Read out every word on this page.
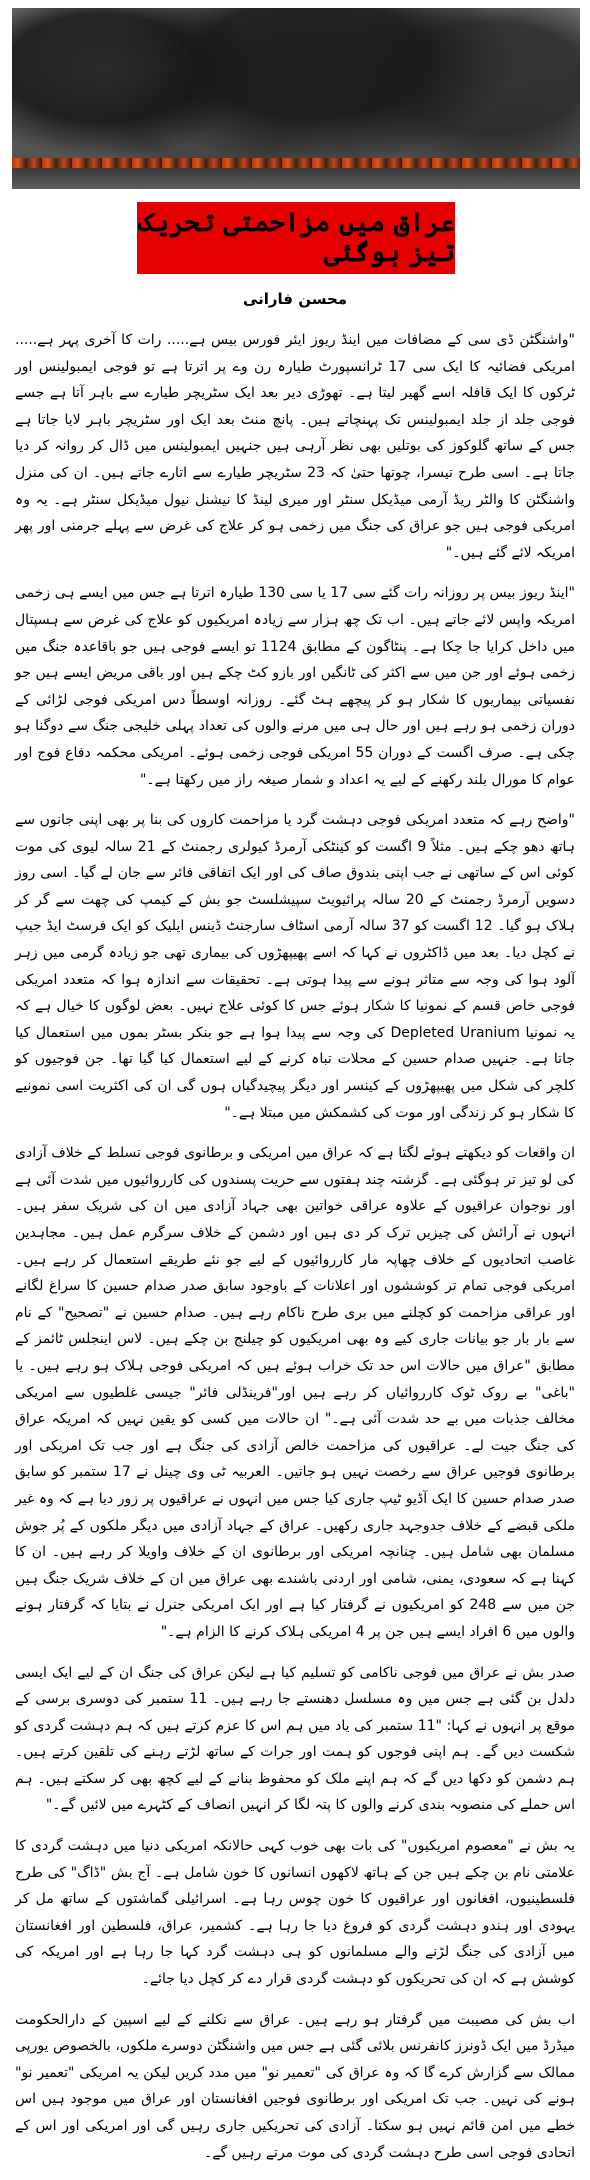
عراق میں مزاحمتی تحریک تیز ہوگئی
محسن فارانی

"واشنگٹن ڈی سی کے مضافات میں اینڈ ریوز ایئر فورس بیس ہے..... رات کا آخری پہر ہے..... امریکی فضائیہ کا ایک سی 17 ٹرانسپورٹ طیارہ رن وے پر اترتا ہے تو فوجی ایمبولینس اور ٹرکوں کا ایک قافلہ اسے گھیر لیتا ہے۔ تھوڑی دیر بعد ایک سٹریچر طیارے سے باہر آتا ہے جسے فوجی جلد از جلد ایمبولینس تک پہنچاتے ہیں۔ پانچ منٹ بعد ایک اور سٹریچر باہر لایا جاتا ہے جس کے ساتھ گلوکوز کی بوتلیں بھی نظر آرہی ہیں جنہیں ایمبولینس میں ڈال کر روانہ کر دیا جاتا ہے۔ اسی طرح تیسرا، چوتھا حتیٰ کہ 23 سٹریچر طیارے سے اتارے جاتے ہیں۔ ان کی منزل واشنگٹن کا والٹر ریڈ آرمی میڈیکل سنٹر اور میری لینڈ کا نیشنل نیول میڈیکل سنٹر ہے۔ یہ وہ امریکی فوجی ہیں جو عراق کی جنگ میں زخمی ہو کر علاج کی غرض سے پہلے جرمنی اور پھر امریکہ لائے گئے ہیں۔"

"اینڈ ریوز بیس پر روزانہ رات گئے سی 17 یا سی 130 طیارہ اترتا ہے جس میں ایسے ہی زخمی امریکہ واپس لائے جاتے ہیں۔ اب تک چھ ہزار سے زیادہ امریکیوں کو علاج کی غرض سے ہسپتال میں داخل کرایا جا چکا ہے۔ پنٹاگون کے مطابق 1124 تو ایسے فوجی ہیں جو باقاعدہ جنگ میں زخمی ہوئے اور جن میں سے اکثر کی ٹانگیں اور بازو کٹ چکے ہیں اور باقی مریض ایسے ہیں جو نفسیاتی بیماریوں کا شکار ہو کر پیچھے ہٹ گئے۔ روزانہ اوسطاً دس امریکی فوجی لڑائی کے دوران زخمی ہو رہے ہیں اور حال ہی میں مرنے والوں کی تعداد پہلی خلیجی جنگ سے دوگنا ہو چکی ہے۔ صرف اگست کے دوران 55 امریکی فوجی زخمی ہوئے۔ امریکی محکمہ دفاع فوج اور عوام کا مورال بلند رکھنے کے لیے یہ اعداد و شمار صیغہ راز میں رکھتا ہے۔"

"واضح رہے کہ متعدد امریکی فوجی دہشت گرد یا مزاحمت کاروں کی بنا پر بھی اپنی جانوں سے ہاتھ دھو چکے ہیں۔ مثلاً 9 اگست کو کینٹکی آرمرڈ کیولری رجمنٹ کے 21 سالہ لیوی کی موت کوئی اس کے ساتھی نے جب اپنی بندوق صاف کی اور ایک اتفاقی فائر سے جان لے گیا۔ اسی روز دسویں آرمرڈ رجمنٹ کے 20 سالہ پرائیویٹ سپیشلسٹ جو بش کے کیمپ کی چھت سے گر کر ہلاک ہو گیا۔ 12 اگست کو 37 سالہ آرمی اسٹاف سارجنٹ ڈینس ایلیک کو ایک فرسٹ ایڈ جیپ نے کچل دیا۔ بعد میں ڈاکٹروں نے کہا کہ اسے پھیپھڑوں کی بیماری تھی جو زیادہ گرمی میں زہر آلود ہوا کی وجہ سے متاثر ہونے سے پیدا ہوتی ہے۔ تحقیقات سے اندازہ ہوا کہ متعدد امریکی فوجی خاص قسم کے نمونیا کا شکار ہوئے جس کا کوئی علاج نہیں۔ بعض لوگوں کا خیال ہے کہ یہ نمونیا Depleted Uranium کی وجہ سے پیدا ہوا ہے جو بنکر بسٹر بموں میں استعمال کیا جاتا ہے۔ جنہیں صدام حسین کے محلات تباہ کرنے کے لیے استعمال کیا گیا تھا۔ جن فوجیوں کو کلچر کی شکل میں پھیپھڑوں کے کینسر اور دیگر پیچیدگیاں ہوں گی ان کی اکثریت اسی نمونیے کا شکار ہو کر زندگی اور موت کی کشمکش میں مبتلا ہے۔"

ان واقعات کو دیکھتے ہوئے لگتا ہے کہ عراق میں امریکی و برطانوی فوجی تسلط کے خلاف آزادی کی لو تیز تر ہوگئی ہے۔ گزشتہ چند ہفتوں سے حریت پسندوں کی کارروائیوں میں شدت آئی ہے اور نوجوان عراقیوں کے علاوہ عراقی خواتین بھی جہاد آزادی میں ان کی شریک سفر ہیں۔ انہوں نے آرائش کی چیزیں ترک کر دی ہیں اور دشمن کے خلاف سرگرم عمل ہیں۔ مجاہدین غاصب اتحادیوں کے خلاف چھاپہ مار کارروائیوں کے لیے جو نئے طریقے استعمال کر رہے ہیں۔ امریکی فوجی تمام تر کوششوں اور اعلانات کے باوجود سابق صدر صدام حسین کا سراغ لگانے اور عراقی مزاحمت کو کچلنے میں بری طرح ناکام رہے ہیں۔ صدام حسین نے "تصحیح" کے نام سے بار بار جو بیانات جاری کیے وہ بھی امریکیوں کو چیلنج بن چکے ہیں۔ لاس اینجلس ٹائمز کے مطابق "عراق میں حالات اس حد تک خراب ہوئے ہیں کہ امریکی فوجی ہلاک ہو رہے ہیں۔ یا "باغی" بے روک ٹوک کارروائیاں کر رہے ہیں اور"فرینڈلی فائر" جیسی غلطیوں سے امریکی مخالف جذبات میں بے حد شدت آئی ہے۔" ان حالات میں کسی کو یقین نہیں کہ امریکہ عراق کی جنگ جیت لے۔ عراقیوں کی مزاحمت خالص آزادی کی جنگ ہے اور جب تک امریکی اور برطانوی فوجیں عراق سے رخصت نہیں ہو جاتیں۔ العربیہ ٹی وی چینل نے 17 ستمبر کو سابق صدر صدام حسین کا ایک آڈیو ٹیپ جاری کیا جس میں انہوں نے عراقیوں پر زور دیا ہے کہ وہ غیر ملکی قبضے کے خلاف جدوجہد جاری رکھیں۔ عراق کے جہاد آزادی میں دیگر ملکوں کے پُر جوش مسلمان بھی شامل ہیں۔ چنانچہ امریکی اور برطانوی ان کے خلاف واویلا کر رہے ہیں۔ ان کا کہنا ہے کہ سعودی، یمنی، شامی اور اردنی باشندے بھی عراق میں ان کے خلاف شریک جنگ ہیں جن میں سے 248 کو امریکیوں نے گرفتار کیا ہے اور ایک امریکی جنرل نے بتایا کہ گرفتار ہونے والوں میں 6 افراد ایسے ہیں جن پر 4 امریکی ہلاک کرنے کا الزام ہے۔"

صدر بش نے عراق میں فوجی ناکامی کو تسلیم کیا ہے لیکن عراق کی جنگ ان کے لیے ایک ایسی دلدل بن گئی ہے جس میں وہ مسلسل دھنستے جا رہے ہیں۔ 11 ستمبر کی دوسری برسی کے موقع پر انہوں نے کہا: "11 ستمبر کی یاد میں ہم اس کا عزم کرتے ہیں کہ ہم دہشت گردی کو شکست دیں گے۔ ہم اپنی فوجوں کو ہمت اور جرات کے ساتھ لڑتے رہنے کی تلقین کرتے ہیں۔ ہم دشمن کو دکھا دیں گے کہ ہم اپنے ملک کو محفوظ بنانے کے لیے کچھ بھی کر سکتے ہیں۔ ہم اس حملے کی منصوبہ بندی کرنے والوں کا پتہ لگا کر انہیں انصاف کے کٹہرے میں لائیں گے۔"

یہ بش نے "معصوم امریکیوں" کی بات بھی خوب کہی حالانکہ امریکی دنیا میں دہشت گردی کا علامتی نام بن چکے ہیں جن کے ہاتھ لاکھوں انسانوں کا خون شامل ہے۔ آج بش "ڈاگ" کی طرح فلسطینیوں، افغانوں اور عراقیوں کا خون چوس رہا ہے۔ اسرائیلی گماشتوں کے ساتھ مل کر یہودی اور ہندو دہشت گردی کو فروغ دیا جا رہا ہے۔ کشمیر، عراق، فلسطین اور افغانستان میں آزادی کی جنگ لڑنے والے مسلمانوں کو ہی دہشت گرد کہا جا رہا ہے اور امریکہ کی کوشش ہے کہ ان کی تحریکوں کو دہشت گردی قرار دے کر کچل دیا جائے۔

اب بش کی مصیبت میں گرفتار ہو رہے ہیں۔ عراق سے نکلنے کے لیے اسپین کے دارالحکومت میڈرڈ میں ایک ڈونرز کانفرنس بلائی گئی ہے جس میں واشنگٹن دوسرے ملکوں، بالخصوص یورپی ممالک سے گزارش کرے گا کہ وہ عراق کی "تعمیر نو" میں مدد کریں لیکن یہ امریکی "تعمیر نو" ہونے کی نہیں۔ جب تک امریکی اور برطانوی فوجیں افغانستان اور عراق میں موجود ہیں اس خطے میں امن قائم نہیں ہو سکتا۔ آزادی کی تحریکیں جاری رہیں گی اور امریکی اور اس کے اتحادی فوجی اسی طرح دہشت گردی کی موت مرتے رہیں گے۔
